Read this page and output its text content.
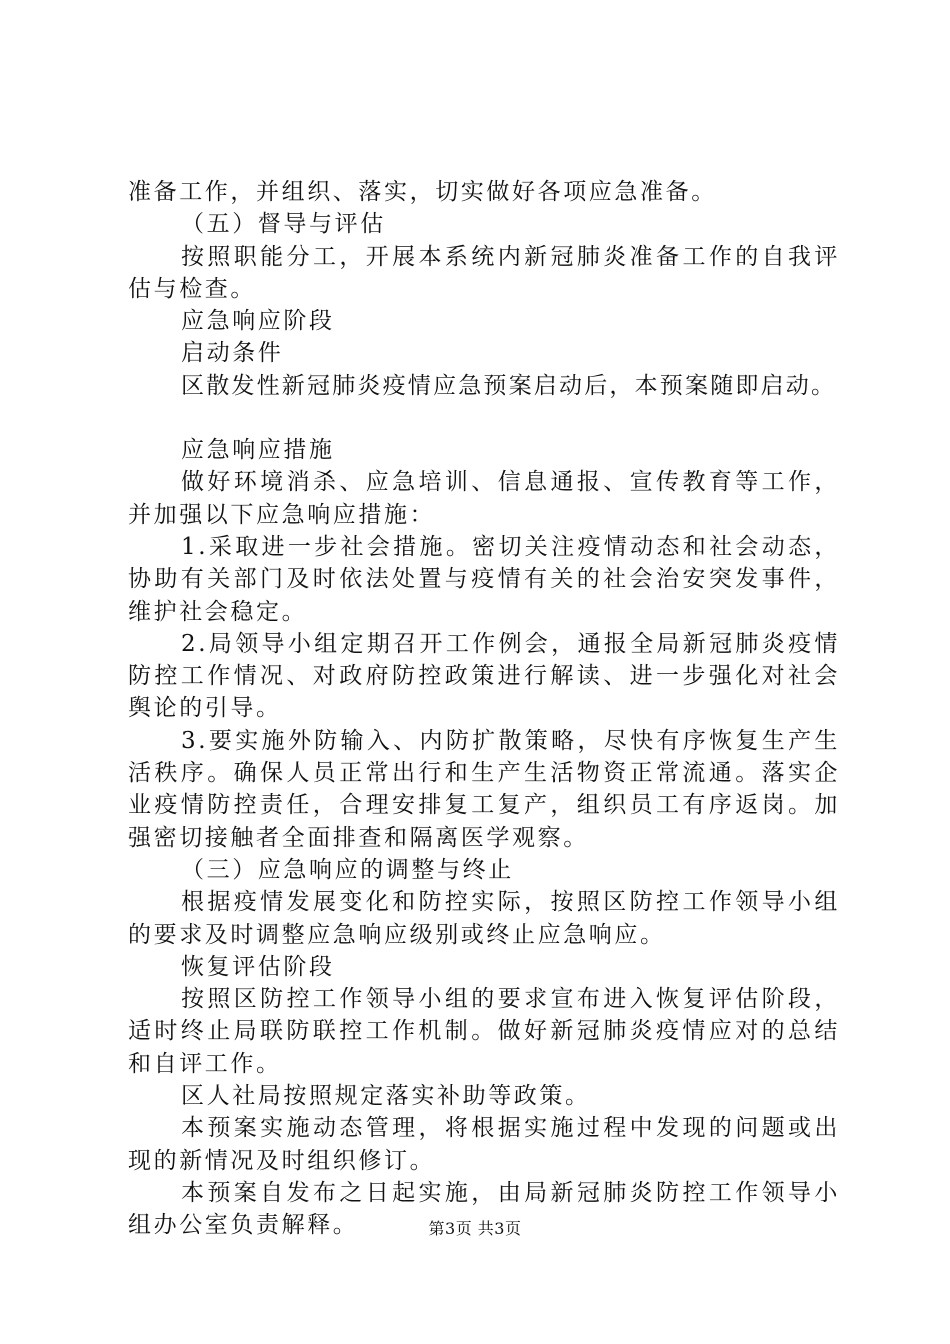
准备工作，并组织、落实，切实做好各项应急准备。

（五）督导与评估

按照职能分工，开展本系统内新冠肺炎准备工作的自我评估与检查。

应急响应阶段

启动条件

区散发性新冠肺炎疫情应急预案启动后，本预案随即启动。

应急响应措施

做好环境消杀、应急培训、信息通报、宣传教育等工作，并加强以下应急响应措施：

1.采取进一步社会措施。密切关注疫情动态和社会动态，协助有关部门及时依法处置与疫情有关的社会治安突发事件，维护社会稳定。

2.局领导小组定期召开工作例会，通报全局新冠肺炎疫情防控工作情况、对政府防控政策进行解读、进一步强化对社会舆论的引导。

3.要实施外防输入、内防扩散策略，尽快有序恢复生产生活秩序。确保人员正常出行和生产生活物资正常流通。落实企业疫情防控责任，合理安排复工复产，组织员工有序返岗。加强密切接触者全面排查和隔离医学观察。

（三）应急响应的调整与终止

根据疫情发展变化和防控实际，按照区防控工作领导小组的要求及时调整应急响应级别或终止应急响应。

恢复评估阶段

按照区防控工作领导小组的要求宣布进入恢复评估阶段，适时终止局联防联控工作机制。做好新冠肺炎疫情应对的总结和自评工作。

区人社局按照规定落实补助等政策。

本预案实施动态管理，将根据实施过程中发现的问题或出现的新情况及时组织修订。

本预案自发布之日起实施，由局新冠肺炎防控工作领导小组办公室负责解释。	第3页 共3页
